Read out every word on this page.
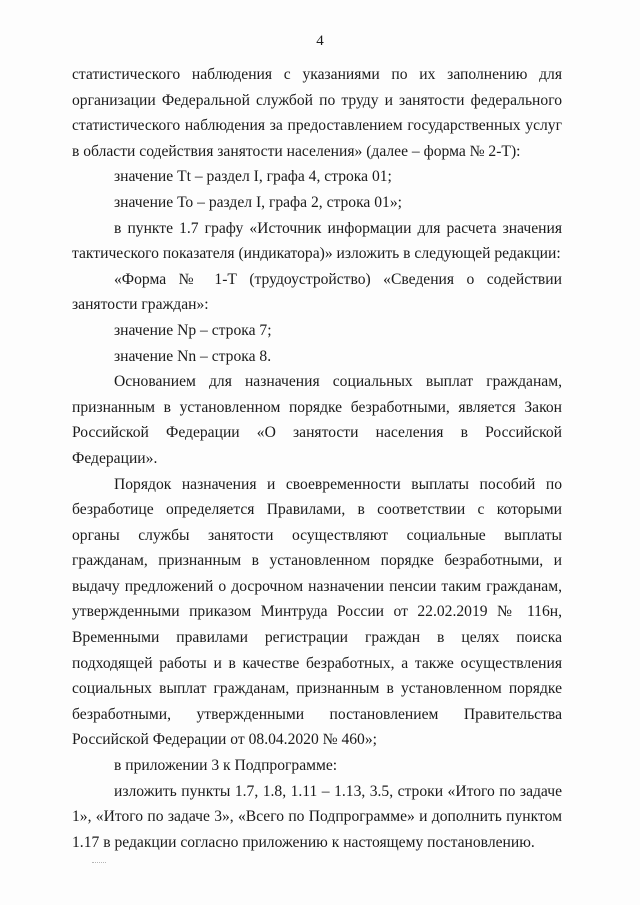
4

статистического наблюдения с указаниями по их заполнению для организации Федеральной службой по труду и занятости федерального статистического наблюдения за предоставлением государственных услуг в области содействия занятости населения» (далее – форма № 2-Т):

значение Tt – раздел I, графа 4, строка 01;

значение То – раздел I, графа 2, строка 01»;

в пункте 1.7 графу «Источник информации для расчета значения тактического показателя (индикатора)» изложить в следующей редакции:

«Форма № 1-Т (трудоустройство) «Сведения о содействии занятости граждан»:

значение Np – строка 7;

значение Nn – строка 8.

Основанием для назначения социальных выплат гражданам, признанным в установленном порядке безработными, является Закон Российской Федерации «О занятости населения в Российской Федерации».

Порядок назначения и своевременности выплаты пособий по безработице определяется Правилами, в соответствии с которыми органы службы занятости осуществляют социальные выплаты гражданам, признанным в установленном порядке безработными, и выдачу предложений о досрочном назначении пенсии таким гражданам, утвержденными приказом Минтруда России от 22.02.2019 № 116н, Временными правилами регистрации граждан в целях поиска подходящей работы и в качестве безработных, а также осуществления социальных выплат гражданам, признанным в установленном порядке безработными, утвержденными постановлением Правительства Российской Федерации от 08.04.2020 № 460»;

в приложении 3 к Подпрограмме:

изложить пункты 1.7, 1.8, 1.11 – 1.13, 3.5, строки «Итого по задаче 1», «Итого по задаче 3», «Всего по Подпрограмме» и дополнить пунктом 1.17 в редакции согласно приложению к настоящему постановлению.
